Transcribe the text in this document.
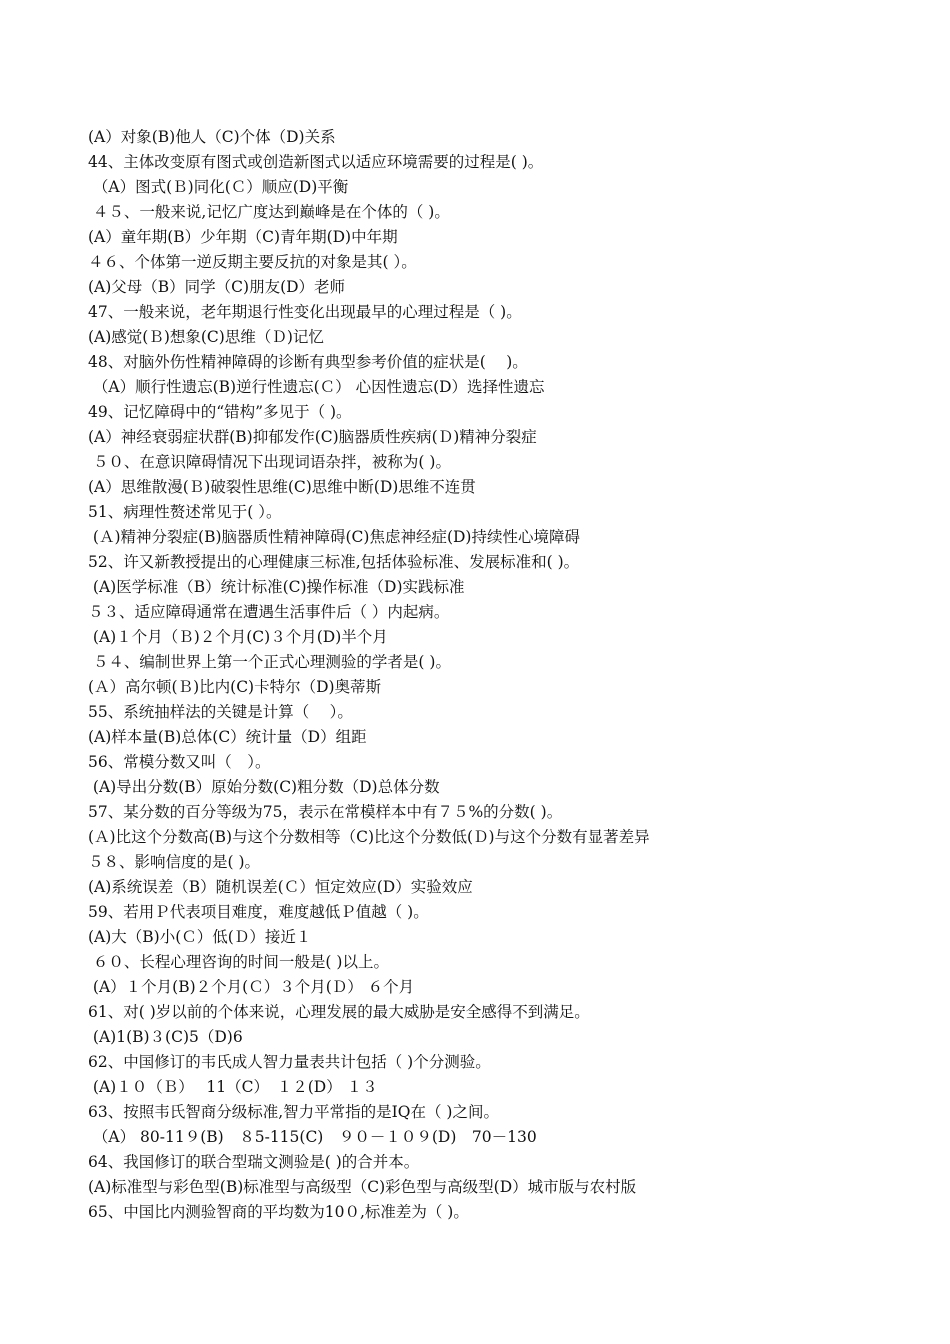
(A）对象(B)他人（C)个体（D)关系
44、主体改变原有图式或创造新图式以适应环境需要的过程是( )。
（A）图式(Ｂ)同化(Ｃ）顺应(D)平衡
４５、一般来说,记忆广度达到巅峰是在个体的（ )。
(A）童年期(B）少年期（C)青年期(D)中年期
４６、个体第一逆反期主要反抗的对象是其( ）。
(A)父母（B）同学（C)朋友(D）老师
47、一般来说，老年期退行性变化出现最早的心理过程是（ )。
(A)感觉(Ｂ)想象(C)思维（Ｄ)记忆
48、对脑外伤性精神障碍的诊断有典型参考价值的症状是(　 )。
（A）顺行性遗忘(B)逆行性遗忘(Ｃ） 心因性遗忘(D）选择性遗忘
49、记忆障碍中的“错构”多见于（ )。
(A）神经衰弱症状群(B)抑郁发作(C)脑器质性疾病(Ｄ)精神分裂症
５０、在意识障碍情况下出现词语杂拌，被称为( )。
(A）思维散漫(Ｂ)破裂性思维(C)思维中断(D)思维不连贯
51、病理性赘述常见于( ）。
(Ａ)精神分裂症(B)脑器质性精神障碍(C)焦虑神经症(D)持续性心境障碍
52、许又新教授提出的心理健康三标准,包括体验标准、发展标准和( )。
(A)医学标准（B）统计标准(C)操作标准（D)实践标准
５３、适应障碍通常在遭遇生活事件后（ ）内起病。
(A)１个月（Ｂ)２个月(C)３个月(D)半个月
５４、编制世界上第一个正式心理测验的学者是( )。
(Ａ）高尔顿(Ｂ)比内(C)卡特尔（D)奥蒂斯
55、系统抽样法的关键是计算（　 ）。
(A)样本量(B)总体(C）统计量（D）组距
56、常模分数又叫（　）。
(A)导出分数(B）原始分数(C)粗分数（D)总体分数
57、某分数的百分等级为75，表示在常模样本中有７５%的分数( )。
(Ａ)比这个分数高(B)与这个分数相等（C)比这个分数低(Ｄ)与这个分数有显著差异
５８、影响信度的是( )。
(A)系统误差（B）随机误差(Ｃ）恒定效应(D）实验效应
59、若用Ｐ代表项目难度，难度越低Ｐ值越（ )。
(A)大（B)小(Ｃ）低(Ｄ）接近１
６０、长程心理咨询的时间一般是( )以上。
(A）１个月(B)２个月(Ｃ）３个月(Ｄ） ６个月
61、对( )岁以前的个体来说，心理发展的最大威胁是安全感得不到满足。
(A)1(B)３(C)5（D)6
62、中国修订的韦氏成人智力量表共计包括（ )个分测验。
(A)１０（Ｂ）　 11（C）　１２(D） １３
63、按照韦氏智商分级标准,智力平常指的是IQ在（ )之间。
（A） 80-11９(B)　８5-115(C)　９０－１０９(D)　70－130
64、我国修订的联合型瑞文测验是( )的合并本。
(A)标准型与彩色型(B)标准型与高级型（C)彩色型与高级型(D）城市版与农村版
65、中国比内测验智商的平均数为10０,标准差为（ )。
